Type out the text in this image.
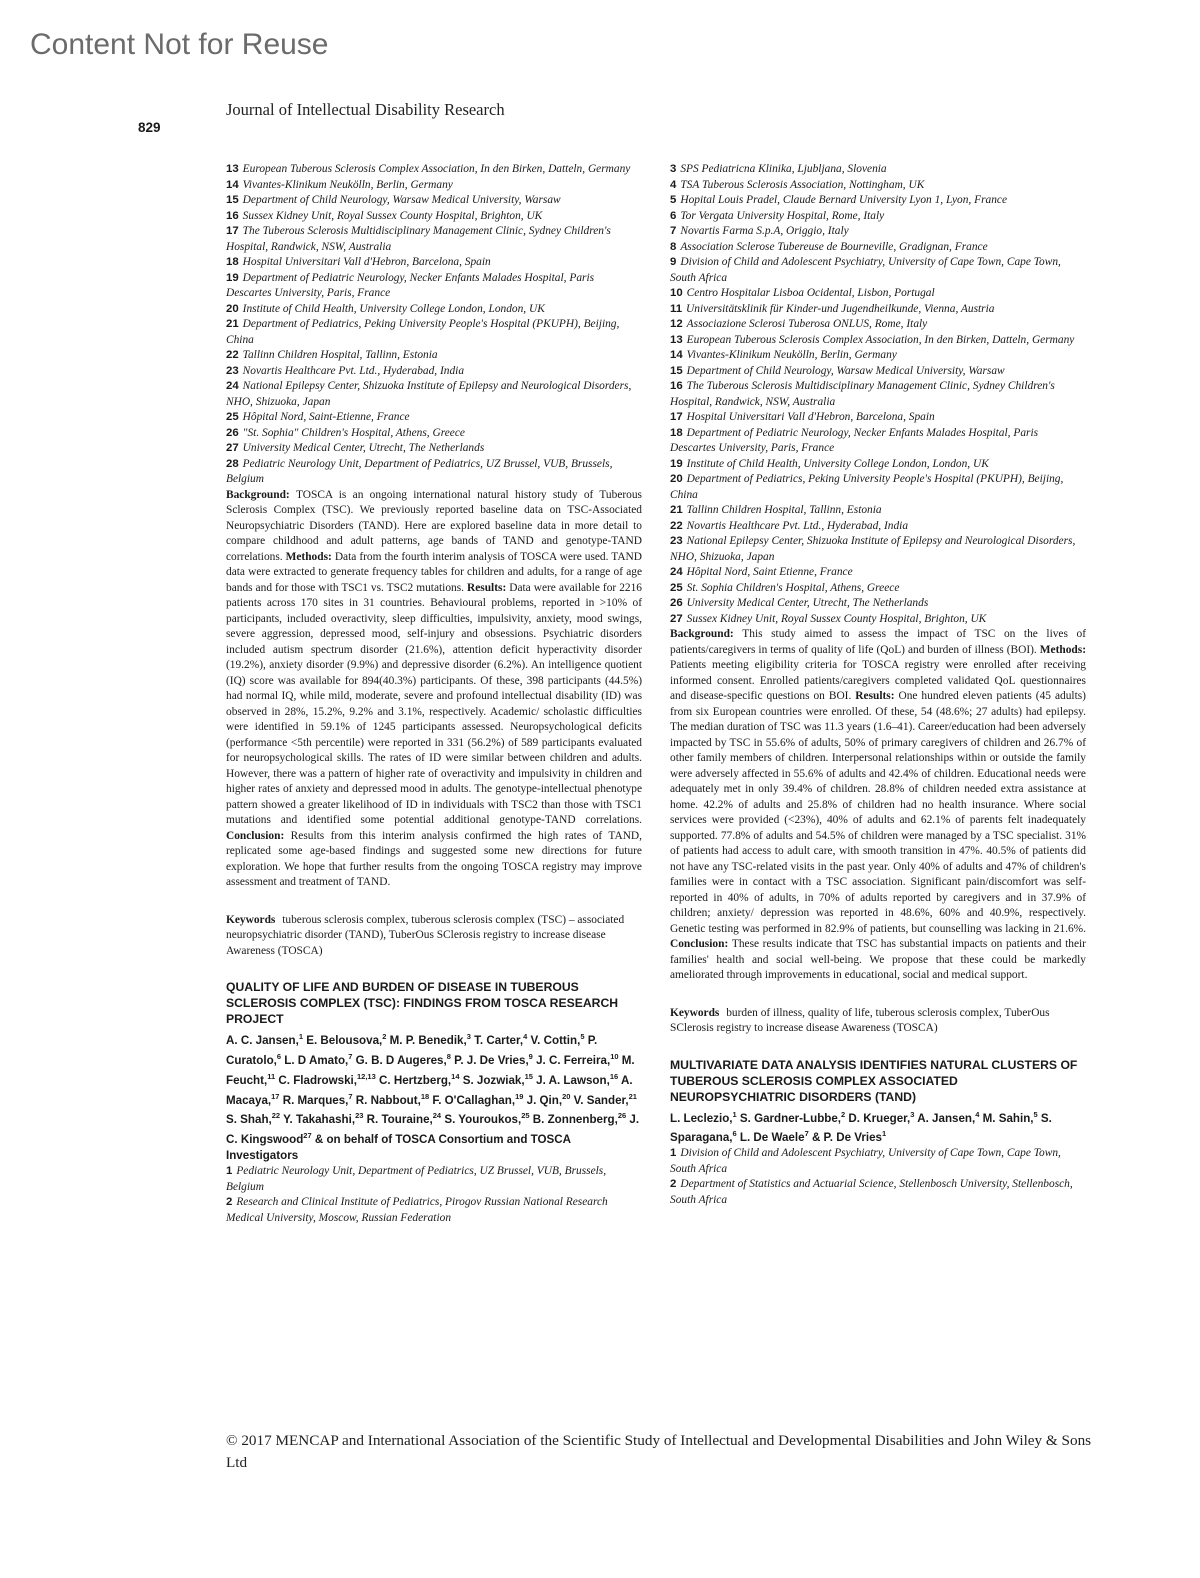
Content Not for Reuse
Journal of Intellectual Disability Research
829
13 European Tuberous Sclerosis Complex Association, In den Birken, Datteln, Germany
14 Vivantes-Klinikum Neukölln, Berlin, Germany
15 Department of Child Neurology, Warsaw Medical University, Warsaw
16 Sussex Kidney Unit, Royal Sussex County Hospital, Brighton, UK
17 The Tuberous Sclerosis Multidisciplinary Management Clinic, Sydney Children's Hospital, Randwick, NSW, Australia
18 Hospital Universitari Vall d'Hebron, Barcelona, Spain
19 Department of Pediatric Neurology, Necker Enfants Malades Hospital, Paris Descartes University, Paris, France
20 Institute of Child Health, University College London, London, UK
21 Department of Pediatrics, Peking University People's Hospital (PKUPH), Beijing, China
22 Tallinn Children Hospital, Tallinn, Estonia
23 Novartis Healthcare Pvt. Ltd., Hyderabad, India
24 National Epilepsy Center, Shizuoka Institute of Epilepsy and Neurological Disorders, NHO, Shizuoka, Japan
25 Hôpital Nord, Saint-Etienne, France
26 "St. Sophia" Children's Hospital, Athens, Greece
27 University Medical Center, Utrecht, The Netherlands
28 Pediatric Neurology Unit, Department of Pediatrics, UZ Brussel, VUB, Brussels, Belgium

Background: TOSCA is an ongoing international natural history study of Tuberous Sclerosis Complex (TSC). We previously reported baseline data on TSC-Associated Neuropsychiatric Disorders (TAND). Here are explored baseline data in more detail to compare childhood and adult patterns, age bands of TAND and genotype-TAND correlations. Methods: Data from the fourth interim analysis of TOSCA were used. TAND data were extracted to generate frequency tables for children and adults, for a range of age bands and for those with TSC1 vs. TSC2 mutations. Results: Data were available for 2216 patients across 170 sites in 31 countries. Behavioural problems, reported in >10% of participants, included overactivity, sleep difficulties, impulsivity, anxiety, mood swings, severe aggression, depressed mood, self-injury and obsessions. Psychiatric disorders included autism spectrum disorder (21.6%), attention deficit hyperactivity disorder (19.2%), anxiety disorder (9.9%) and depressive disorder (6.2%). An intelligence quotient (IQ) score was available for 894(40.3%) participants. Of these, 398 participants (44.5%) had normal IQ, while mild, moderate, severe and profound intellectual disability (ID) was observed in 28%, 15.2%, 9.2% and 3.1%, respectively. Academic/ scholastic difficulties were identified in 59.1% of 1245 participants assessed. Neuropsychological deficits (performance <5th percentile) were reported in 331 (56.2%) of 589 participants evaluated for neuropsychological skills. The rates of ID were similar between children and adults. However, there was a pattern of higher rate of overactivity and impulsivity in children and higher rates of anxiety and depressed mood in adults. The genotype-intellectual phenotype pattern showed a greater likelihood of ID in individuals with TSC2 than those with TSC1 mutations and identified some potential additional genotype-TAND correlations. Conclusion: Results from this interim analysis confirmed the high rates of TAND, replicated some age-based findings and suggested some new directions for future exploration. We hope that further results from the ongoing TOSCA registry may improve assessment and treatment of TAND.

Keywords tuberous sclerosis complex, tuberous sclerosis complex (TSC) – associated neuropsychiatric disorder (TAND), TuberOus SClerosis registry to increase disease Awareness (TOSCA)
QUALITY OF LIFE AND BURDEN OF DISEASE IN TUBEROUS SCLEROSIS COMPLEX (TSC): FINDINGS FROM TOSCA RESEARCH PROJECT
A. C. Jansen,$^1$ E. Belousova,$^2$ M. P. Benedik,$^3$ T. Carter,$^4$ V. Cottin,$^5$ P. Curatolo,$^6$ L. D Amato,$^7$ G. B. D Augeres,$^8$ P. J. De Vries,$^9$ J. C. Ferreira,$^{10}$ M. Feucht,$^{11}$ C. Fladrowski,$^{12,13}$ C. Hertzberg,$^{14}$ S. Jozwiak,$^{15}$ J. A. Lawson,$^{16}$ A. Macaya,$^{17}$ R. Marques,$^7$ R. Nabbout,$^{18}$ F. O'Callaghan,$^{19}$ J. Qin,$^{20}$ V. Sander,$^{21}$ S. Shah,$^{22}$ Y. Takahashi,$^{23}$ R. Touraine,$^{24}$ S. Youroukos,$^{25}$ B. Zonnenberg,$^{26}$ J. C. Kingswood$^{27}$ & on behalf of TOSCA Consortium and TOSCA Investigators
1 Pediatric Neurology Unit, Department of Pediatrics, UZ Brussel, VUB, Brussels, Belgium
2 Research and Clinical Institute of Pediatrics, Pirogov Russian National Research Medical University, Moscow, Russian Federation
3 SPS Pediatricna Klinika, Ljubljana, Slovenia
4 TSA Tuberous Sclerosis Association, Nottingham, UK
5 Hopital Louis Pradel, Claude Bernard University Lyon 1, Lyon, France
6 Tor Vergata University Hospital, Rome, Italy
7 Novartis Farma S.p.A, Origgio, Italy
8 Association Sclerose Tubereuse de Bourneville, Gradignan, France
9 Division of Child and Adolescent Psychiatry, University of Cape Town, Cape Town, South Africa
10 Centro Hospitalar Lisboa Ocidental, Lisbon, Portugal
11 Universitätsklinik für Kinder-und Jugendheilkunde, Vienna, Austria
12 Associazione Sclerosi Tuberosa ONLUS, Rome, Italy
13 European Tuberous Sclerosis Complex Association, In den Birken, Datteln, Germany
14 Vivantes-Klinikum Neukölln, Berlin, Germany
15 Department of Child Neurology, Warsaw Medical University, Warsaw
16 The Tuberous Sclerosis Multidisciplinary Management Clinic, Sydney Children's Hospital, Randwick, NSW, Australia
17 Hospital Universitari Vall d'Hebron, Barcelona, Spain
18 Department of Pediatric Neurology, Necker Enfants Malades Hospital, Paris Descartes University, Paris, France
19 Institute of Child Health, University College London, London, UK
20 Department of Pediatrics, Peking University People's Hospital (PKUPH), Beijing, China
21 Tallinn Children Hospital, Tallinn, Estonia
22 Novartis Healthcare Pvt. Ltd., Hyderabad, India
23 National Epilepsy Center, Shizuoka Institute of Epilepsy and Neurological Disorders, NHO, Shizuoka, Japan
24 Hôpital Nord, Saint Etienne, France
25 St. Sophia Children's Hospital, Athens, Greece
26 University Medical Center, Utrecht, The Netherlands
27 Sussex Kidney Unit, Royal Sussex County Hospital, Brighton, UK

Background: This study aimed to assess the impact of TSC on the lives of patients/caregivers in terms of quality of life (QoL) and burden of illness (BOI). Methods: Patients meeting eligibility criteria for TOSCA registry were enrolled after receiving informed consent. Enrolled patients/caregivers completed validated QoL questionnaires and disease-specific questions on BOI. Results: One hundred eleven patients (45 adults) from six European countries were enrolled. Of these, 54 (48.6%; 27 adults) had epilepsy. The median duration of TSC was 11.3 years (1.6–41). Career/education had been adversely impacted by TSC in 55.6% of adults, 50% of primary caregivers of children and 26.7% of other family members of children. Interpersonal relationships within or outside the family were adversely affected in 55.6% of adults and 42.4% of children. Educational needs were adequately met in only 39.4% of children. 28.8% of children needed extra assistance at home. 42.2% of adults and 25.8% of children had no health insurance. Where social services were provided (<23%), 40% of adults and 62.1% of parents felt inadequately supported. 77.8% of adults and 54.5% of children were managed by a TSC specialist. 31% of patients had access to adult care, with smooth transition in 47%. 40.5% of patients did not have any TSC-related visits in the past year. Only 40% of adults and 47% of children's families were in contact with a TSC association. Significant pain/discomfort was self-reported in 40% of adults, in 70% of adults reported by caregivers and in 37.9% of children; anxiety/ depression was reported in 48.6%, 60% and 40.9%, respectively. Genetic testing was performed in 82.9% of patients, but counselling was lacking in 21.6%. Conclusion: These results indicate that TSC has substantial impacts on patients and their families' health and social well-being. We propose that these could be markedly ameliorated through improvements in educational, social and medical support.

Keywords burden of illness, quality of life, tuberous sclerosis complex, TuberOus SClerosis registry to increase disease Awareness (TOSCA)
MULTIVARIATE DATA ANALYSIS IDENTIFIES NATURAL CLUSTERS OF TUBEROUS SCLEROSIS COMPLEX ASSOCIATED NEUROPSYCHIATRIC DISORDERS (TAND)
L. Leclezio,$^1$ S. Gardner-Lubbe,$^2$ D. Krueger,$^3$ A. Jansen,$^4$ M. Sahin,$^5$ S. Sparagana,$^6$ L. De Waele$^7$ & P. De Vries$^1$
1 Division of Child and Adolescent Psychiatry, University of Cape Town, Cape Town, South Africa
2 Department of Statistics and Actuarial Science, Stellenbosch University, Stellenbosch, South Africa
© 2017 MENCAP and International Association of the Scientific Study of Intellectual and Developmental Disabilities and John Wiley & Sons Ltd
